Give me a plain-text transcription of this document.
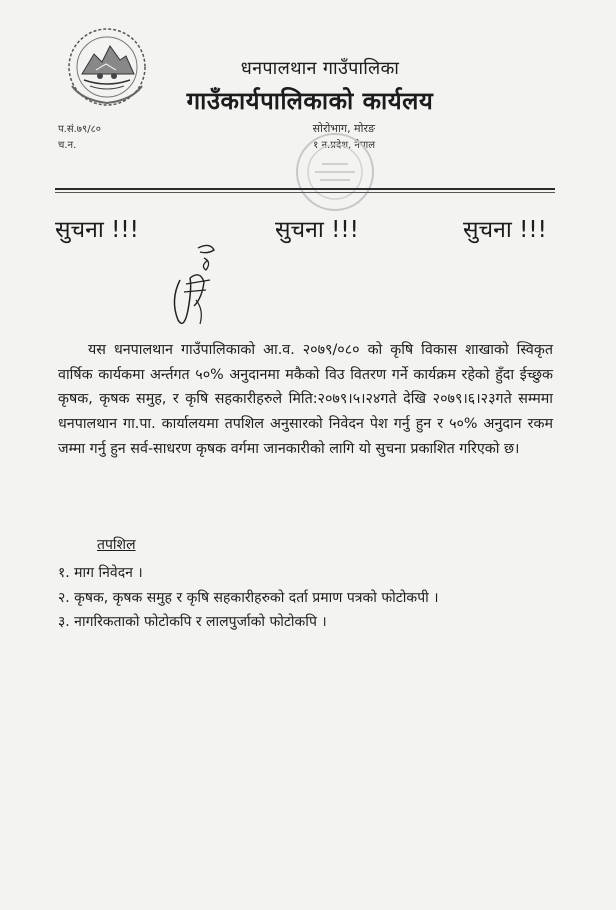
धनपालथान गाउँपालिका
गाउँकार्यपालिकाको कार्यलय
प.सं.७९/८०
च.न.
सोरोभाग, मोरङ
१ न.प्रदेश, नेपाल
सुचना !!!	सुचना !!!	सुचना !!!
यस धनपालथान गाउँपालिकाको आ.व. २०७९/०८० को कृषि विकास शाखाको स्विकृत वार्षिक कार्यकमा अर्न्तगत ५०% अनुदानमा मकैको विउ वितरण गर्ने कार्यक्रम रहेको हुँदा ईच्छुक कृषक, कृषक समुह, र कृषि सहकारीहरुले मिति:२०७९।५।२४गते देखि २०७९।६।२३गते सम्ममा धनपालथान गा.पा. कार्यालयमा तपशिल अनुसारको निवेदन पेश गर्नु हुन र ५०% अनुदान रकम जम्मा गर्नु हुन सर्व-साधरण कृषक वर्गमा जानकारीको लागि यो सुचना प्रकाशित गरिएको छ।
तपशिल
१. माग निवेदन ।
२. कृषक, कृषक समुह र कृषि सहकारीहरुको दर्ता प्रमाण पत्रको फोटोकपी ।
३. नागरिकताको फोटोकपि र लालपुर्जाको फोटोकपि ।
